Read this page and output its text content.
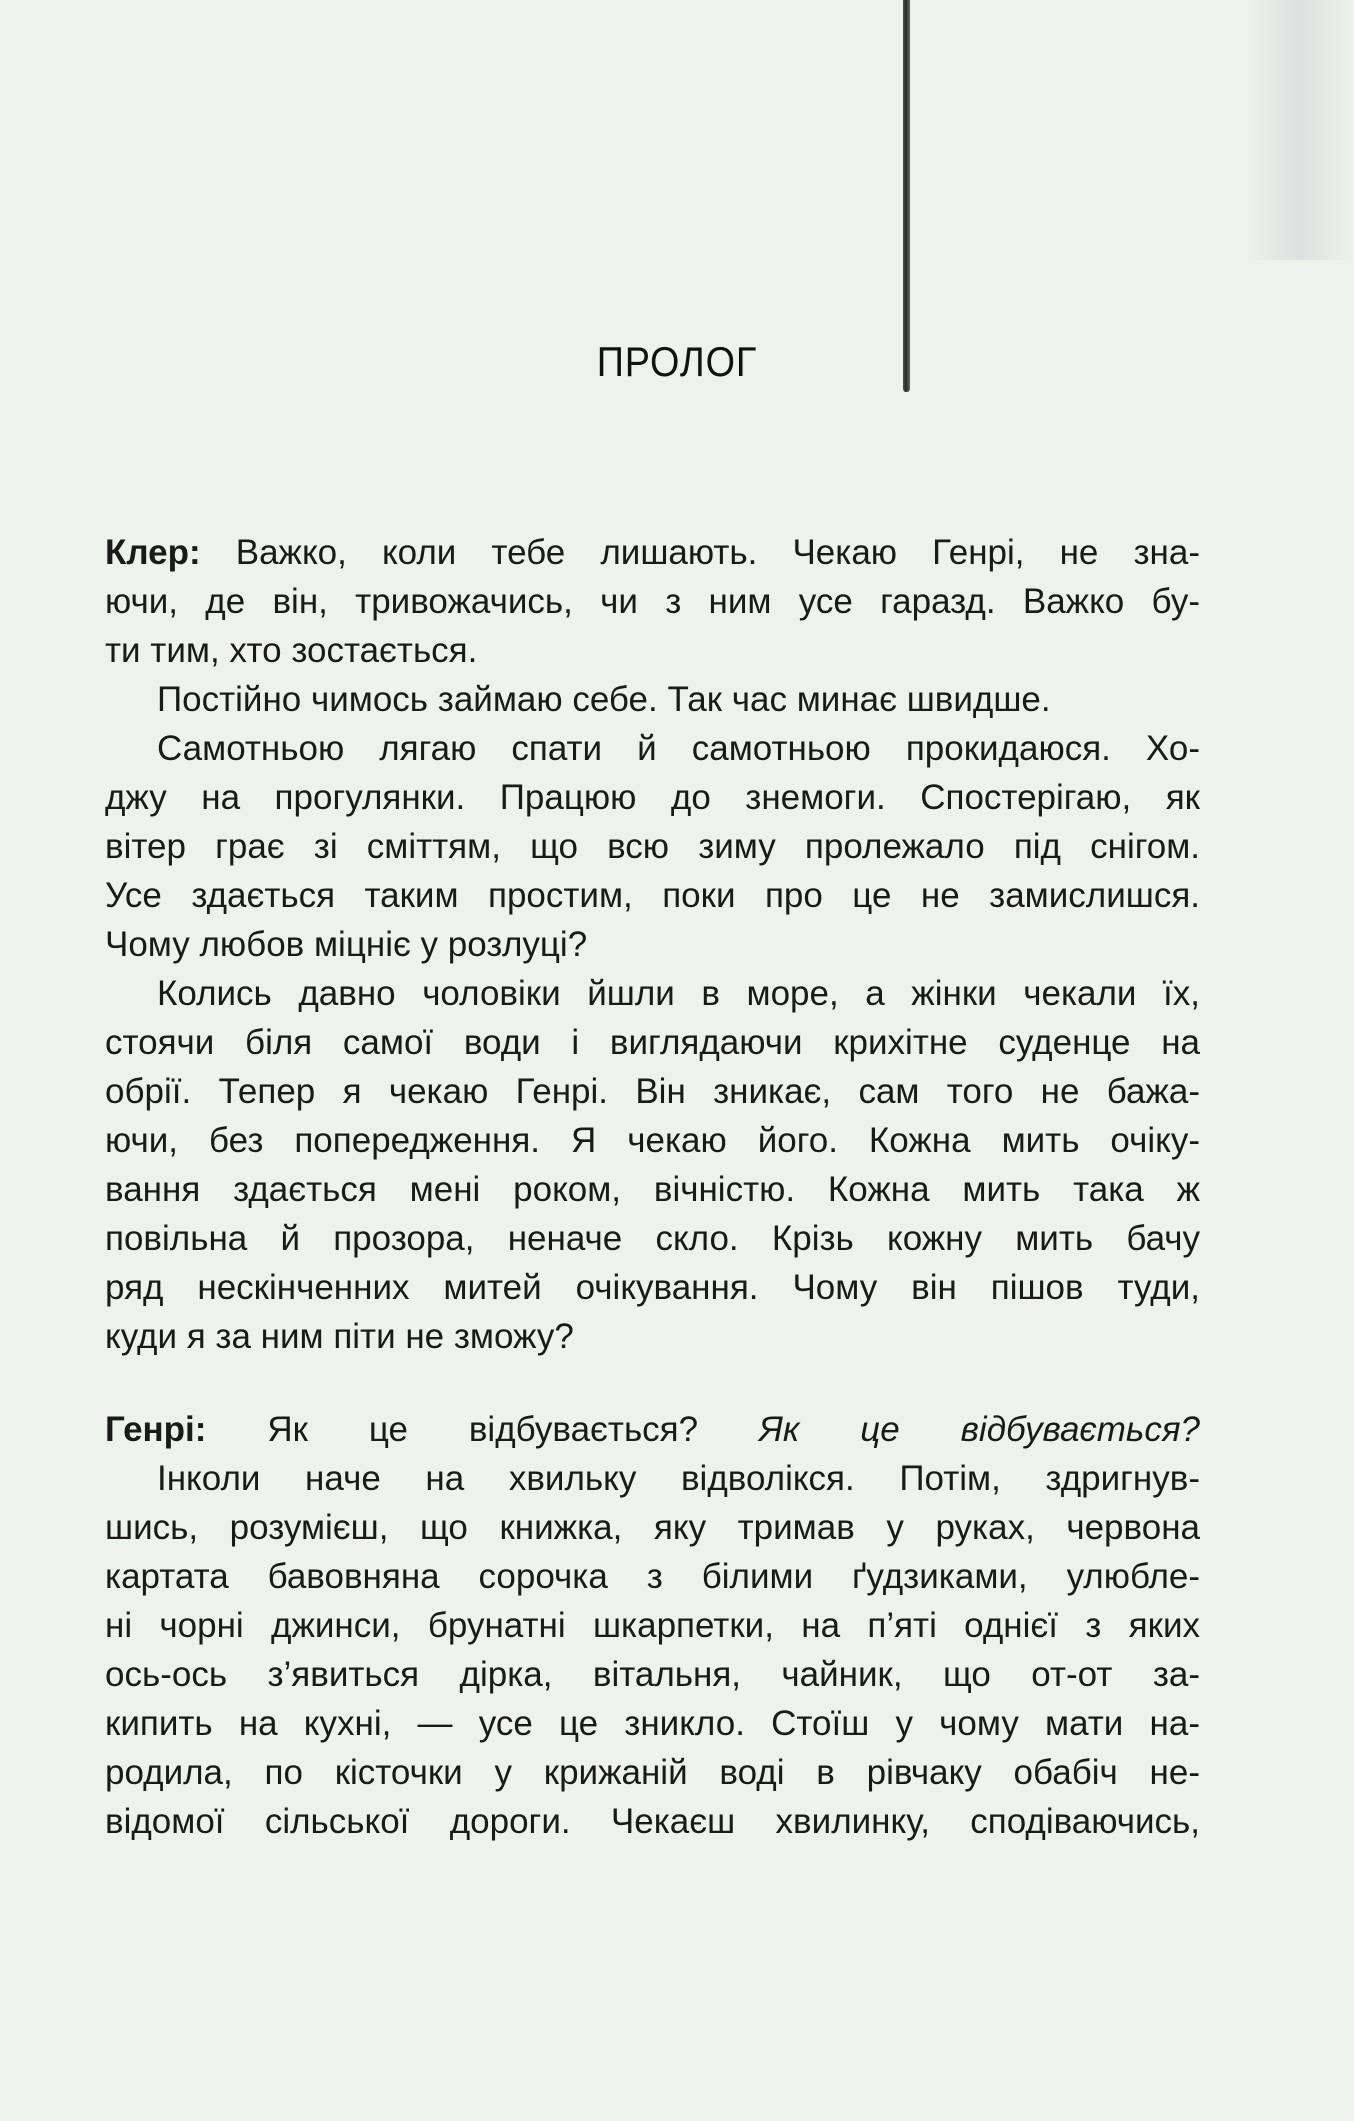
ПРОЛОГ
Клер: Важко, коли тебе лишають. Чекаю Генрі, не зна-
ючи, де він, тривожачись, чи з ним усе гаразд. Важко бу-
ти тим, хто зостається.
Постійно чимось займаю себе. Так час минає швидше.
Самотньою лягаю спати й самотньою прокидаюся. Хо-
джу на прогулянки. Працюю до знемоги. Спостерігаю, як
вітер грає зі сміттям, що всю зиму пролежало під снігом.
Усе здається таким простим, поки про це не замислишся.
Чому любов міцніє у розлуці?
Колись давно чоловіки йшли в море, а жінки чекали їх,
стоячи біля самої води і виглядаючи крихітне суденце на
обрії. Тепер я чекаю Генрі. Він зникає, сам того не бажа-
ючи, без попередження. Я чекаю його. Кожна мить очіку-
вання здається мені роком, вічністю. Кожна мить така ж
повільна й прозора, неначе скло. Крізь кожну мить бачу
ряд нескінченних митей очікування. Чому він пішов туди,
куди я за ним піти не зможу?
Генрі: Як це відбувається? Як це відбувається?
Інколи наче на хвильку відволікся. Потім, здригнув-
шись, розумієш, що книжка, яку тримав у руках, червона
картата бавовняна сорочка з білими ґудзиками, улюбле-
ні чорні джинси, брунатні шкарпетки, на п’яті однієї з яких
ось-ось з’явиться дірка, вітальня, чайник, що от-от за-
кипить на кухні, — усе це зникло. Стоїш у чому мати на-
родила, по кісточки у крижаній воді в рівчаку обабіч не-
відомої сільської дороги. Чекаєш хвилинку, сподіваючись,
